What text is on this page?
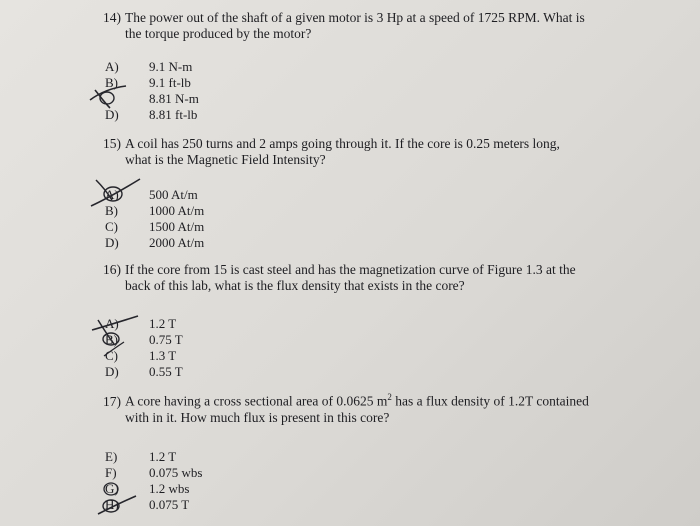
14) The power out of the shaft of a given motor is 3 Hp at a speed of 1725 RPM. What is
the torque produced by the motor?
A)	9.1 N-m
B)	9.1 ft-lb
8.81 N-m
D)	8.81 ft-lb
15) A coil has 250 turns and 2 amps going through it. If the core is 0.25 meters long,
what is the Magnetic Field Intensity?
A)	500 At/m
B)	1000 At/m
C)	1500 At/m
D)	2000 At/m
16) If the core from 15 is cast steel and has the magnetization curve of Figure 1.3 at the
back of this lab, what is the flux density that exists in the core?
A)	1.2 T
B)	0.75 T
C)	1.3 T
D)	0.55 T
17) A core having a cross sectional area of 0.0625 $m^2$ has a flux density of 1.2T contained
with in it. How much flux is present in this core?
E)	1.2 T
F)	0.075 wbs
G)	1.2 wbs
H)	0.075 T
